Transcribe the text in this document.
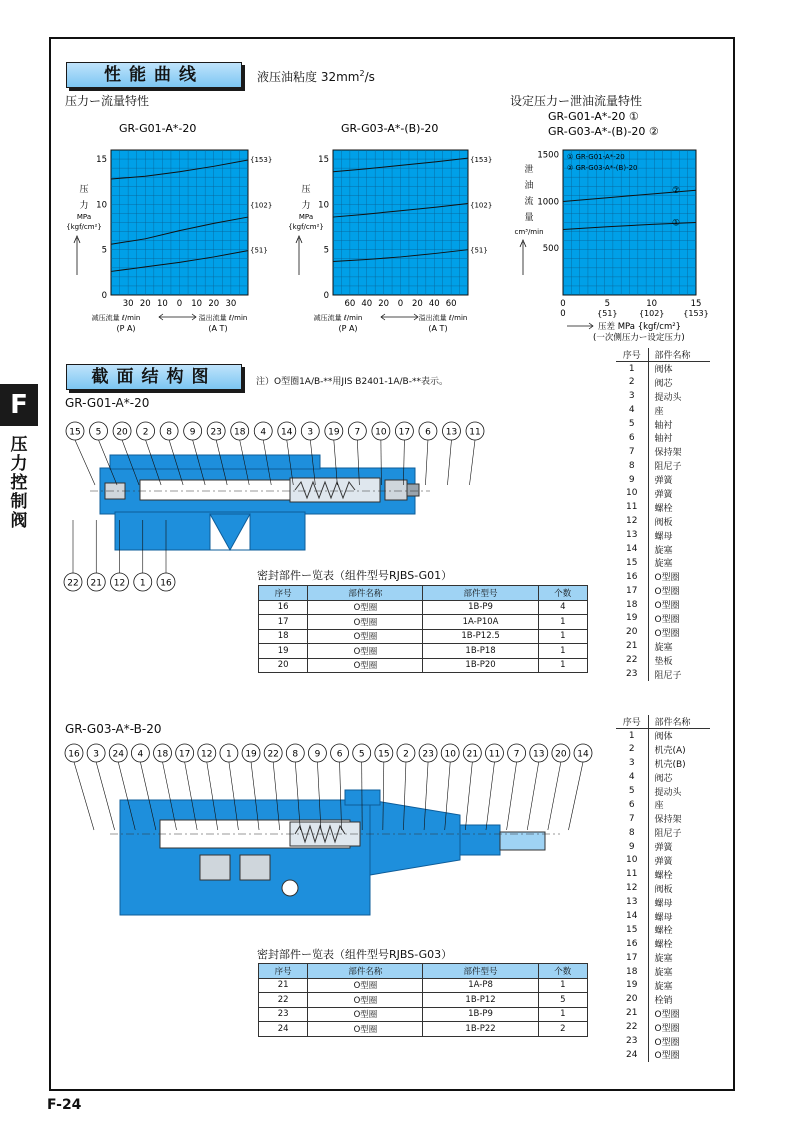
F
压力控制阀
性能曲线	液压油粘度 $32mm^2/s$
压力ー流量特性	设定压力ー泄油流量特性
0
5
10
15
30 20 10 0 10 20 30
{153}
{102}
{51}
GR-G01-A*-20
压
力
MPa
{kgf/cm²}
减压流量 ℓ/min
(P A)
溢出流量 ℓ/min
(A T)
0
5
10
15
60 40 20 0 20 40 60
{153}
{102}
{51}
GR-G03-A*-(B)-20
压
力
MPa
{kgf/cm²}
减压流量 ℓ/min
(P A)
溢出流量 ℓ/min
(A T)
①
②
500
1000
1500
0	5	10	15
0	{51}	{102} {153}
GR-G01-A*-20 ①
GR-G03-A*-(B)-20 ②
① GR-G01-A*-20
② GR-G03-A*-(B)-20
泄
油
流
量
cm³/min
压差 MPa {kgf/cm²}
(一次侧压力ー设定压力)
截面结构图	注）O型圈1A/B-**用JIS B2401-1A/B-**表示。
GR-G01-A*-20
GR-G03-A*-B-20
15 5 20 2 8 9 23 18 4 14 3 19 7 10 17 6 13 11
22 21 12 1 16
16 3 24 4 18 17 12 1 19 22 8 9 6 5 15 2 23 10 21 11 7 13 20 14
密封部件ー览表（组件型号RJBS-G01）
序号	部件名称	部件型号	个数
16	O型圈	1B-P9	4
17	O型圈	1A-P10A	1
18	O型圈	1B-P12.5	1
19	O型圈	1B-P18	1
20	O型圈	1B-P20	1
密封部件ー览表（组件型号RJBS-G03）
序号	部件名称	部件型号	个数
21	O型圈	1A-P8	1
22	O型圈	1B-P12	5
23	O型圈	1B-P9	1
24	O型圈	1B-P22	2
序号	部件名称
1	阀体
2	阀芯
3	提动头
4	座
5	轴衬
6	轴衬
7	保持架
8	阻尼子
9	弹簧
10	弹簧
11	螺栓
12	阀板
13	螺母
14	旋塞
15	旋塞
16	O型圈
17	O型圈
18	O型圈
19	O型圈
20	O型圈
21	旋塞
22	垫板
23	阻尼子
序号	部件名称
1	阀体
2	机壳(A)
3	机壳(B)
4	阀芯
5	提动头
6	座
7	保持架
8	阻尼子
9	弹簧
10	弹簧
11	螺栓
12	阀板
13	螺母
14	螺母
15	螺栓
16	螺栓
17	旋塞
18	旋塞
19	旋塞
20	栓销
21	O型圈
22	O型圈
23	O型圈
24	O型圈
F-24
